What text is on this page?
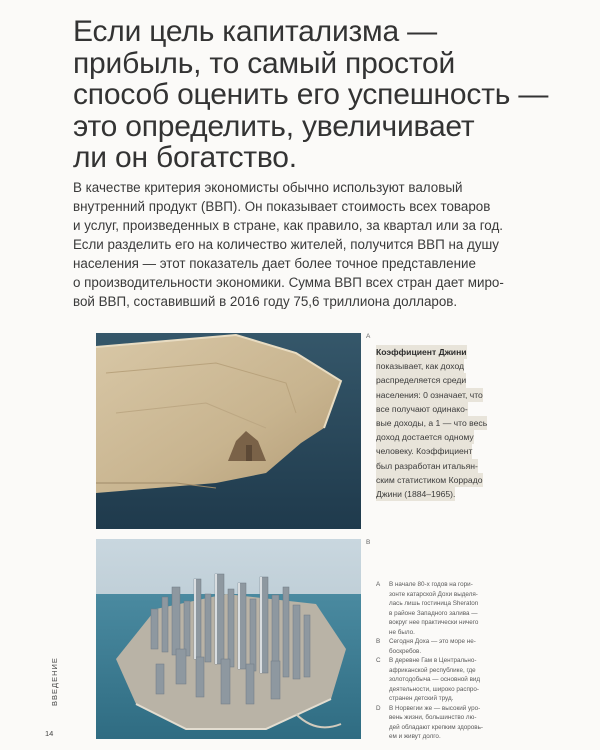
Если цель капитализма —
прибыль, то самый простой
способ оценить его успешность —
это определить, увеличивает
ли он богатство.
В качестве критерия экономисты обычно используют валовый
внутренний продукт (ВВП). Он показывает стоимость всех товаров
и услуг, произведенных в стране, как правило, за квартал или за год.
Если разделить его на количество жителей, получится ВВП на душу
населения — этот показатель дает более точное представление
о производительности экономики. Сумма ВВП всех стран дает миро-
вой ВВП, составивший в 2016 году 75,6 триллиона долларов.
A
B
Коэффициент Джини
показывает, как доход
распределяется среди
населения: 0 означает, что
все получают одинако-
вые доходы, а 1 — что весь
доход достается одному
человеку. Коэффициент
был разработан итальян-
ским статистиком Коррадо
Джини (1884–1965).
A В начале 80-х годов на гори-
зонте катарской Дохи выделя-
лась лишь гостиница Sheraton
в районе Западного залива —
вокруг нее практически ничего
не было.
B Сегодня Доха — это море не-
боскребов.
C В деревне Гам в Центрально-
африканской республике, где
золотодобыча — основной вид
деятельности, широко распро-
странен детский труд.
D В Норвегии же — высокий уро-
вень жизни, большинство лю-
дей обладают крепким здоровь-
ем и живут долго.
ВВЕДЕНИЕ
14
